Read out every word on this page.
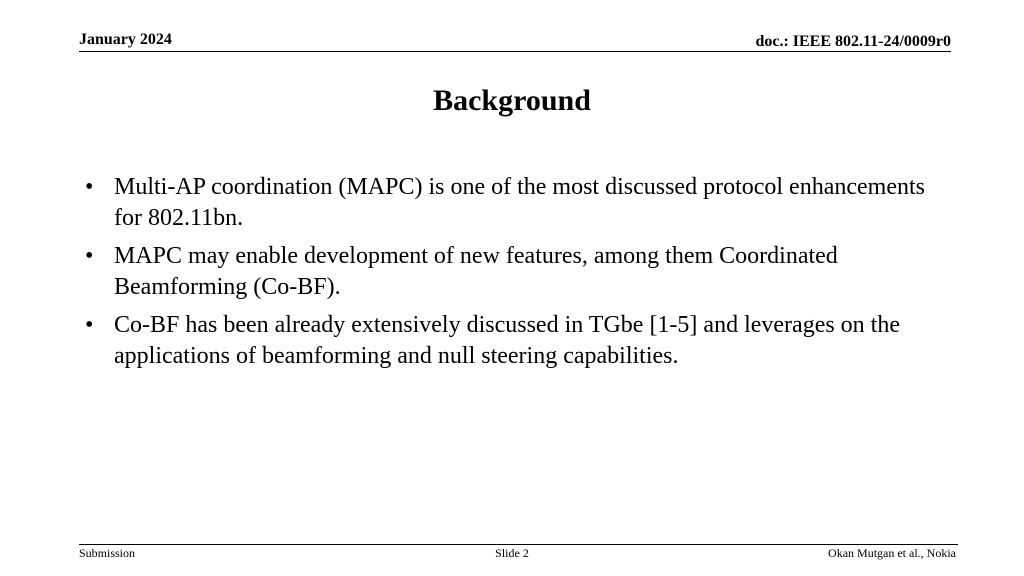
January 2024	doc.: IEEE 802.11-24/0009r0
Background
• Multi-AP coordination (MAPC) is one of the most discussed protocol enhancements for 802.11bn.
• MAPC may enable development of new features, among them Coordinated Beamforming (Co-BF).
• Co-BF has been already extensively discussed in TGbe [1-5] and leverages on the applications of beamforming and null steering capabilities.
Submission	Slide 2	Okan Mutgan et al., Nokia
